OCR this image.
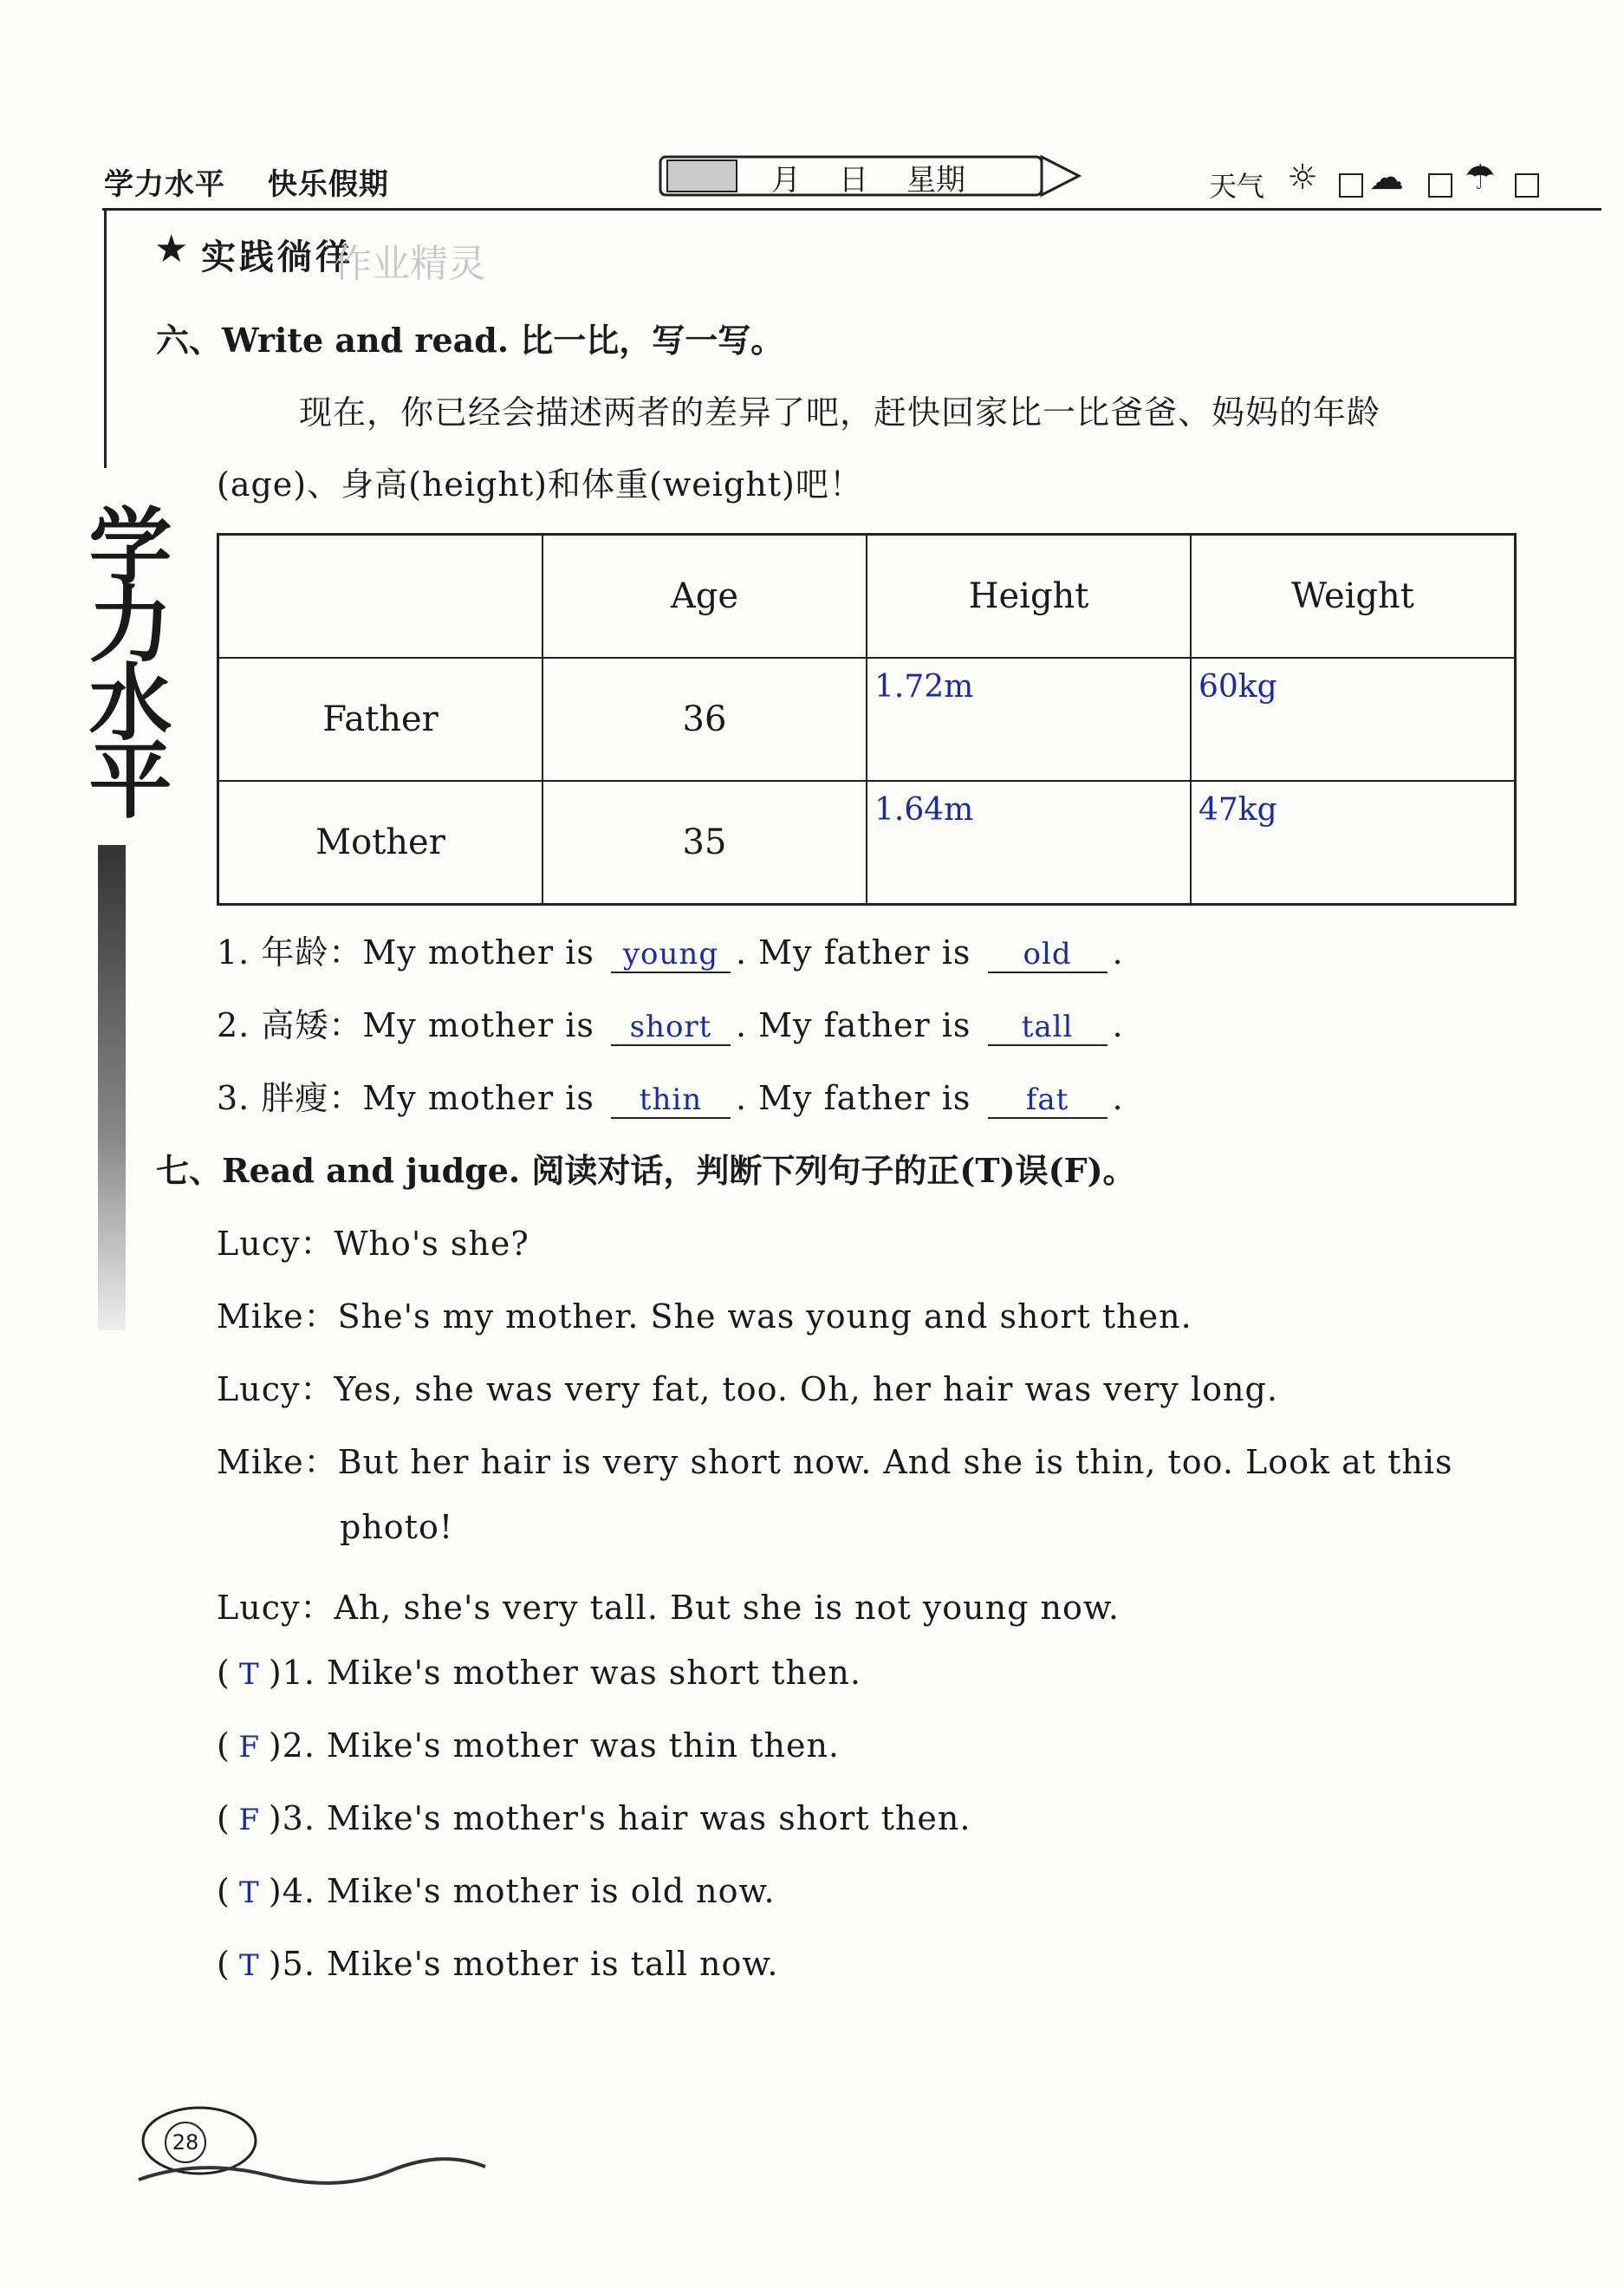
学力水平 快乐假期	月 日 星期	天气 ☼ ☁ ☂
学力水平
★ 实践徜徉
作业精灵
六、Write and read. 比一比，写一写。
现在，你已经会描述两者的差异了吧，赶快回家比一比爸爸、妈妈的年龄
(age)、身高(height)和体重(weight)吧！
	Age	Height	Weight
Father	36	1.72m	60kg

Mother	35	1.64m	47kg
1. 年龄：My mother is young . My father is old .
2. 高矮：My mother is short . My father is tall .
3. 胖瘦：My mother is thin . My father is fat .
七、Read and judge. 阅读对话，判断下列句子的正(T)误(F)。
Lucy：Who's she?
Mike：She's my mother. She was young and short then.
Lucy：Yes, she was very fat, too. Oh, her hair was very long.
Mike：But her hair is very short now. And she is thin, too. Look at this
photo!
Lucy：Ah, she's very tall. But she is not young now.
( T )1. Mike's mother was short then.
( F )2. Mike's mother was thin then.
( F )3. Mike's mother's hair was short then.
( T )4. Mike's mother is old now.
( T )5. Mike's mother is tall now.
28
